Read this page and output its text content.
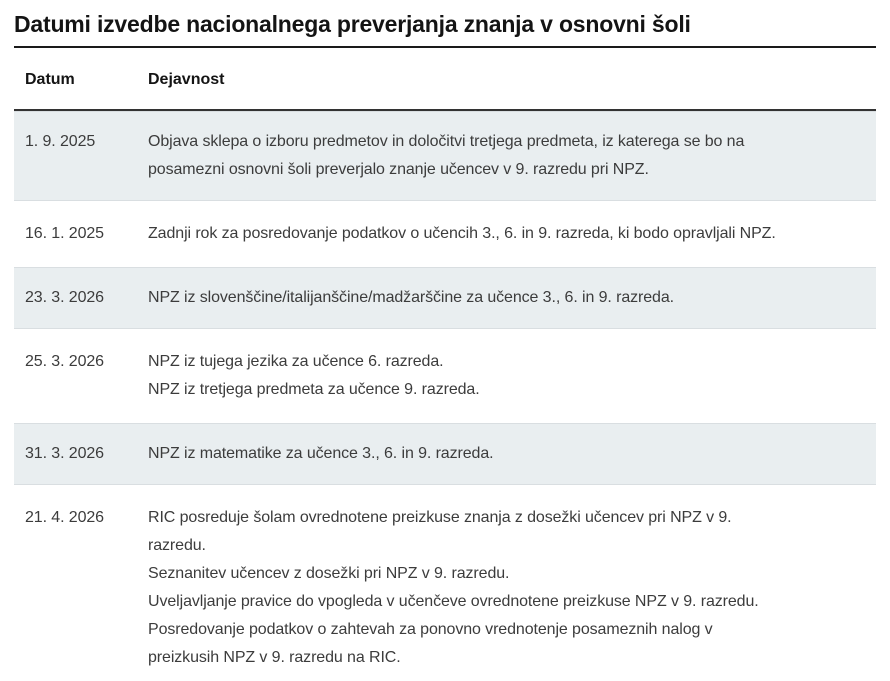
Datumi izvedbe nacionalnega preverjanja znanja v osnovni šoli
Datum	Dejavnost
1. 9. 2025	Objava sklepa o izboru predmetov in določitvi tretjega predmeta, iz katerega se bo na
posamezni osnovni šoli preverjalo znanje učencev v 9. razredu pri NPZ.
16. 1. 2025	Zadnji rok za posredovanje podatkov o učencih 3., 6. in 9. razreda, ki bodo opravljali NPZ.
23. 3. 2026	NPZ iz slovenščine/italijanščine/madžarščine za učence 3., 6. in 9. razreda.
25. 3. 2026	NPZ iz tujega jezika za učence 6. razreda.
NPZ iz tretjega predmeta za učence 9. razreda.
31. 3. 2026	NPZ iz matematike za učence 3., 6. in 9. razreda.
21. 4. 2026	RIC posreduje šolam ovrednotene preizkuse znanja z dosežki učencev pri NPZ v 9.
razredu.
Seznanitev učencev z dosežki pri NPZ v 9. razredu.
Uveljavljanje pravice do vpogleda v učenčeve ovrednotene preizkuse NPZ v 9. razredu.
Posredovanje podatkov o zahtevah za ponovno vrednotenje posameznih nalog v
preizkusih NPZ v 9. razredu na RIC.
